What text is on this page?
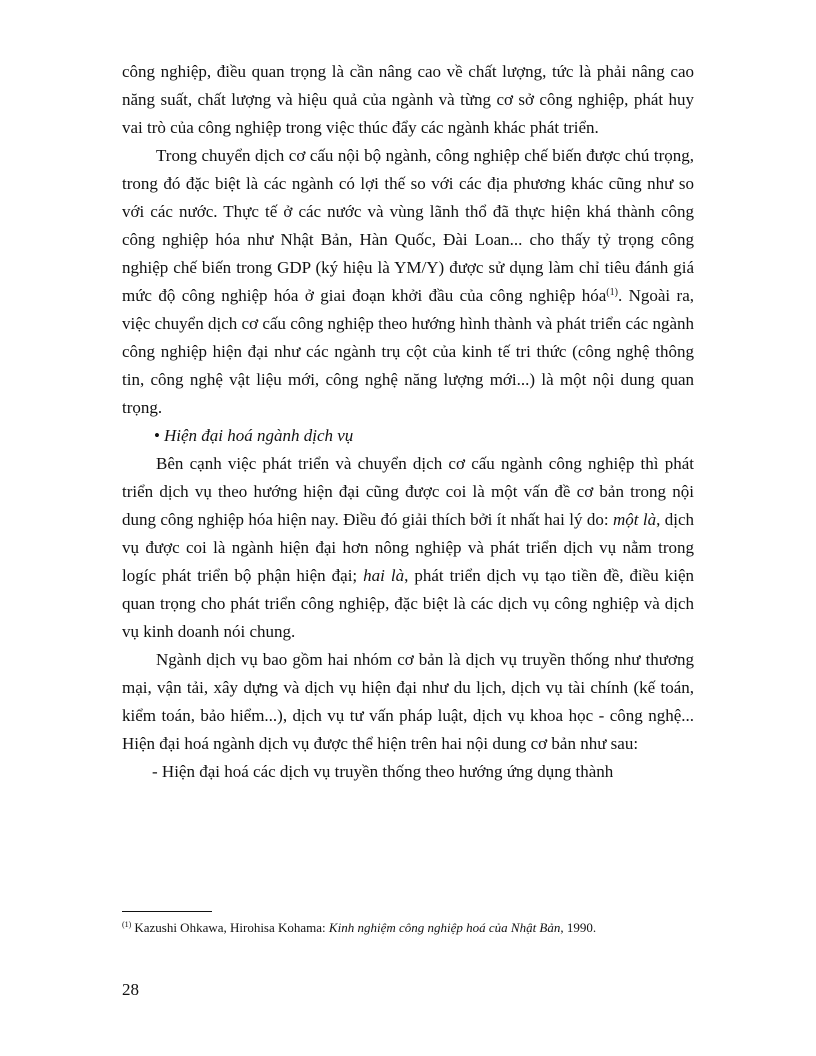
công nghiệp, điều quan trọng là cần nâng cao về chất lượng, tức là phải nâng cao năng suất, chất lượng và hiệu quả của ngành và từng cơ sở công nghiệp, phát huy vai trò của công nghiệp trong việc thúc đẩy các ngành khác phát triển.

Trong chuyển dịch cơ cấu nội bộ ngành, công nghiệp chế biến được chú trọng, trong đó đặc biệt là các ngành có lợi thế so với các địa phương khác cũng như so với các nước. Thực tế ở các nước và vùng lãnh thổ đã thực hiện khá thành công công nghiệp hóa như Nhật Bản, Hàn Quốc, Đài Loan... cho thấy tỷ trọng công nghiệp chế biến trong GDP (ký hiệu là YM/Y) được sử dụng làm chỉ tiêu đánh giá mức độ công nghiệp hóa ở giai đoạn khởi đầu của công nghiệp hóa$^{(1)}$. Ngoài ra, việc chuyển dịch cơ cấu công nghiệp theo hướng hình thành và phát triển các ngành công nghiệp hiện đại như các ngành trụ cột của kinh tế tri thức (công nghệ thông tin, công nghệ vật liệu mới, công nghệ năng lượng mới...) là một nội dung quan trọng.

• Hiện đại hoá ngành dịch vụ

Bên cạnh việc phát triển và chuyển dịch cơ cấu ngành công nghiệp thì phát triển dịch vụ theo hướng hiện đại cũng được coi là một vấn đề cơ bản trong nội dung công nghiệp hóa hiện nay. Điều đó giải thích bởi ít nhất hai lý do: một là, dịch vụ được coi là ngành hiện đại hơn nông nghiệp và phát triển dịch vụ nằm trong logíc phát triển bộ phận hiện đại; hai là, phát triển dịch vụ tạo tiền đề, điều kiện quan trọng cho phát triển công nghiệp, đặc biệt là các dịch vụ công nghiệp và dịch vụ kinh doanh nói chung.

Ngành dịch vụ bao gồm hai nhóm cơ bản là dịch vụ truyền thống như thương mại, vận tải, xây dựng và dịch vụ hiện đại như du lịch, dịch vụ tài chính (kế toán, kiểm toán, bảo hiểm...), dịch vụ tư vấn pháp luật, dịch vụ khoa học - công nghệ... Hiện đại hoá ngành dịch vụ được thể hiện trên hai nội dung cơ bản như sau:

- Hiện đại hoá các dịch vụ truyền thống theo hướng ứng dụng thành

$^{(1)}$ Kazushi Ohkawa, Hirohisa Kohama: Kinh nghiệm công nghiệp hoá của Nhật Bản, 1990.
28
